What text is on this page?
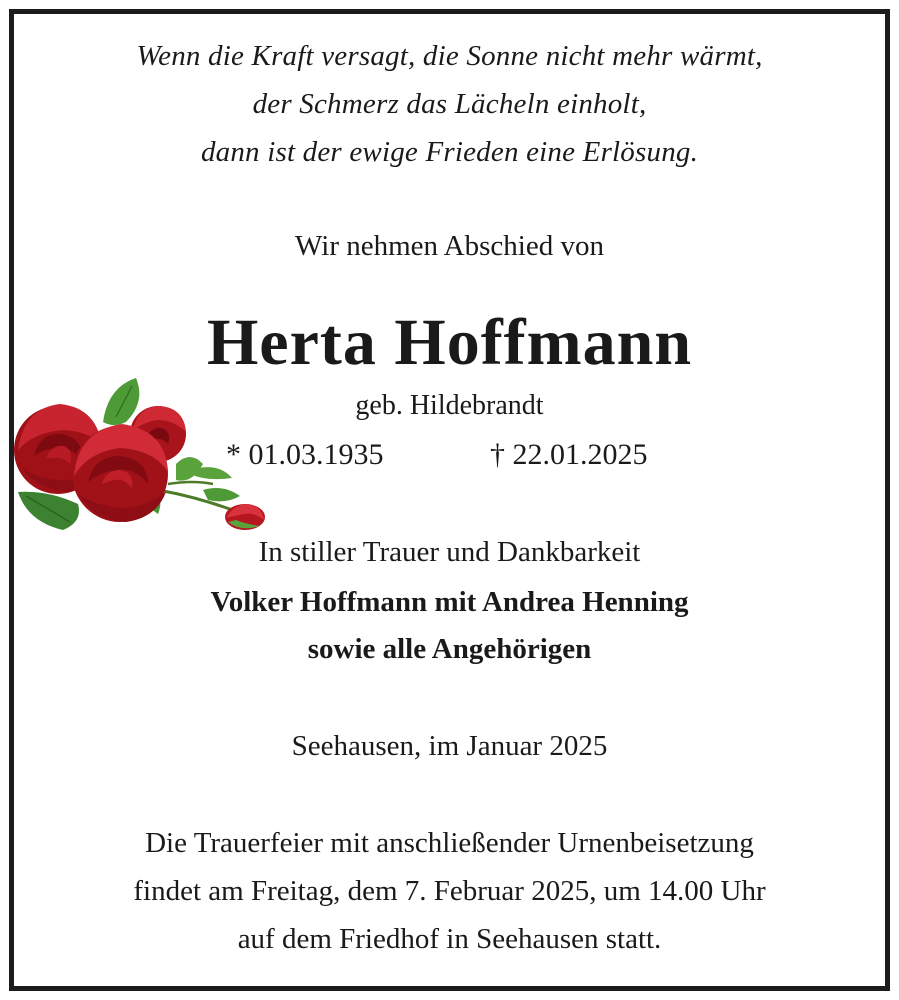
Wenn die Kraft versagt, die Sonne nicht mehr wärmt,
der Schmerz das Lächeln einholt,
dann ist der ewige Frieden eine Erlösung.
Wir nehmen Abschied von
Herta Hoffmann
geb. Hildebrandt
* 01.03.1935	† 22.01.2025
In stiller Trauer und Dankbarkeit
Volker Hoffmann mit Andrea Henning
sowie alle Angehörigen
Seehausen, im Januar 2025
Die Trauerfeier mit anschließender Urnenbeisetzung
findet am Freitag, dem 7. Februar 2025, um 14.00 Uhr
auf dem Friedhof in Seehausen statt.
